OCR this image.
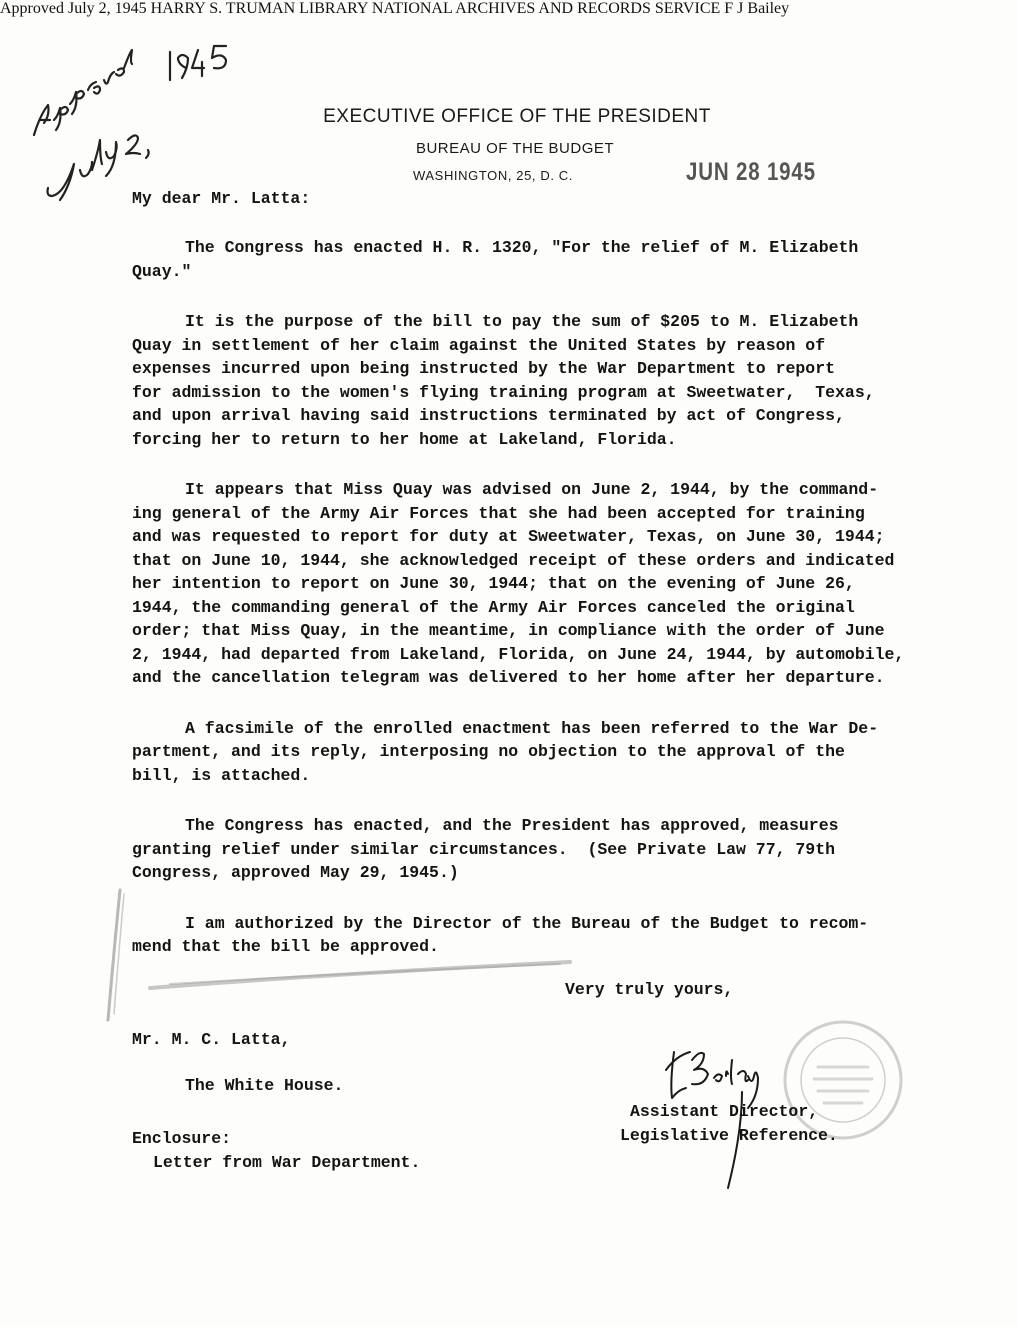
Approved July 2, 1945
EXECUTIVE OFFICE OF THE PRESIDENT
BUREAU OF THE BUDGET
WASHINGTON, 25, D. C.	JUN 28 1945
My dear Mr. Latta:
The Congress has enacted H. R. 1320, "For the relief of M. Elizabeth
Quay."
It is the purpose of the bill to pay the sum of $205 to M. Elizabeth
Quay in settlement of her claim against the United States by reason of
expenses incurred upon being instructed by the War Department to report
for admission to the women's flying training program at Sweetwater,  Texas,
and upon arrival having said instructions terminated by act of Congress,
forcing her to return to her home at Lakeland, Florida.
It appears that Miss Quay was advised on June 2, 1944, by the command-
ing general of the Army Air Forces that she had been accepted for training
and was requested to report for duty at Sweetwater, Texas, on June 30, 1944;
that on June 10, 1944, she acknowledged receipt of these orders and indicated
her intention to report on June 30, 1944; that on the evening of June 26,
1944, the commanding general of the Army Air Forces canceled the original
order; that Miss Quay, in the meantime, in compliance with the order of June
2, 1944, had departed from Lakeland, Florida, on June 24, 1944, by automobile,
and the cancellation telegram was delivered to her home after her departure.
A facsimile of the enrolled enactment has been referred to the War De-
partment, and its reply, interposing no objection to the approval of the
bill, is attached.
The Congress has enacted, and the President has approved, measures
granting relief under similar circumstances.  (See Private Law 77, 79th
Congress, approved May 29, 1945.)
I am authorized by the Director of the Bureau of the Budget to recom-
mend that the bill be approved.
Very truly yours,
Mr. M. C. Latta,
The White House.
Enclosure:
Letter from War Department.
HARRY S. TRUMAN LIBRARY NATIONAL ARCHIVES AND RECORDS SERVICE F J Bailey
Assistant Director,
Legislative Reference.
